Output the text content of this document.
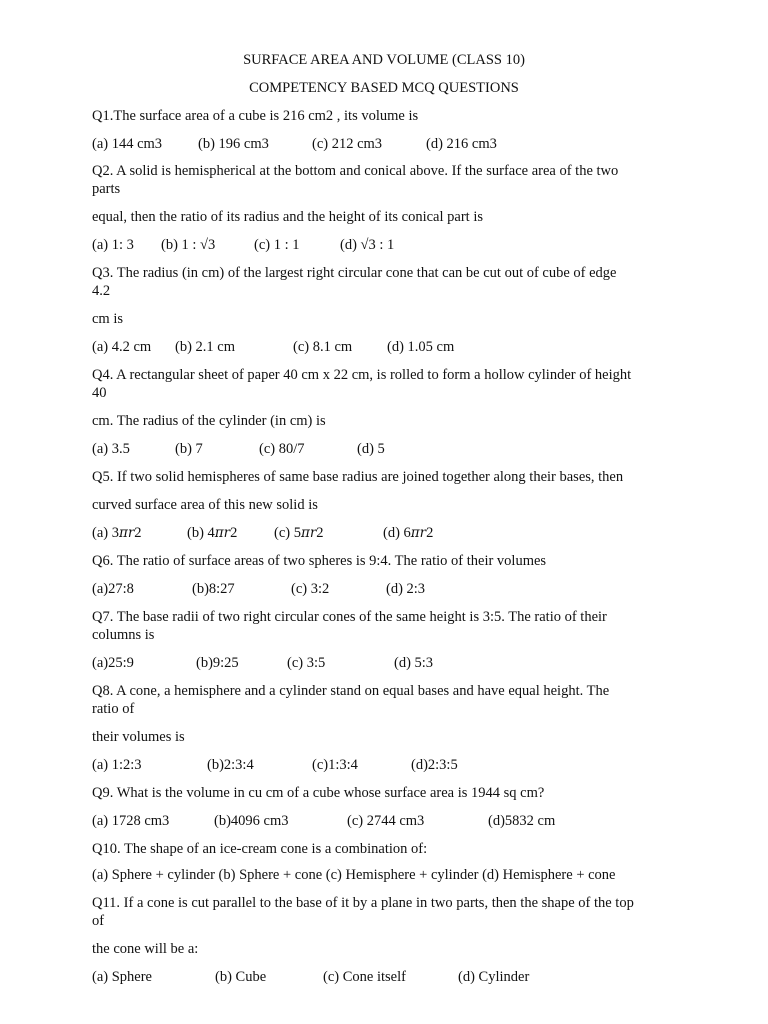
SURFACE AREA AND VOLUME (CLASS 10)
COMPETENCY BASED MCQ QUESTIONS
Q1.The surface area of a cube is 216 cm2 , its volume is
(a) 144 cm3 (b) 196 cm3	(c) 212 cm3	(d) 216 cm3
Q2. A solid is hemispherical at the bottom and conical above. If the surface area of the two
parts
equal, then the ratio of its radius and the height of its conical part is
(a) 1: 3 (b) 1 : √3	(c) 1 : 1	(d) √3 : 1
Q3. The radius (in cm) of the largest right circular cone that can be cut out of cube of edge
4.2
cm is
(a) 4.2 cm (b) 2.1 cm	(c) 8.1 cm (d) 1.05 cm
Q4. A rectangular sheet of paper 40 cm x 22 cm, is rolled to form a hollow cylinder of height
40
cm. The radius of the cylinder (in cm) is
(a) 3.5	(b) 7	(c) 80/7	(d) 5
Q5. If two solid hemispheres of same base radius are joined together along their bases, then
curved surface area of this new solid is
(a) 3πr2	(b) 4πr2	(c) 5πr2	(d) 6πr2
Q6. The ratio of surface areas of two spheres is 9:4. The ratio of their volumes
(a)27:8	(b)8:27	(c) 3:2	(d) 2:3
Q7. The base radii of two right circular cones of the same height is 3:5. The ratio of their
columns is
(a)25:9	(b)9:25	(c) 3:5	(d) 5:3
Q8. A cone, a hemisphere and a cylinder stand on equal bases and have equal height. The
ratio of
their volumes is
(a) 1:2:3	(b)2:3:4	(c)1:3:4	(d)2:3:5
Q9. What is the volume in cu cm of a cube whose surface area is 1944 sq cm?
(a) 1728 cm3	(b)4096 cm3	(c) 2744 cm3	(d)5832 cm
Q10. The shape of an ice-cream cone is a combination of:
(a) Sphere + cylinder (b) Sphere + cone (c) Hemisphere + cylinder (d) Hemisphere + cone
Q11. If a cone is cut parallel to the base of it by a plane in two parts, then the shape of the top
of
the cone will be a:
(a) Sphere	(b) Cube	(c) Cone itself	(d) Cylinder
